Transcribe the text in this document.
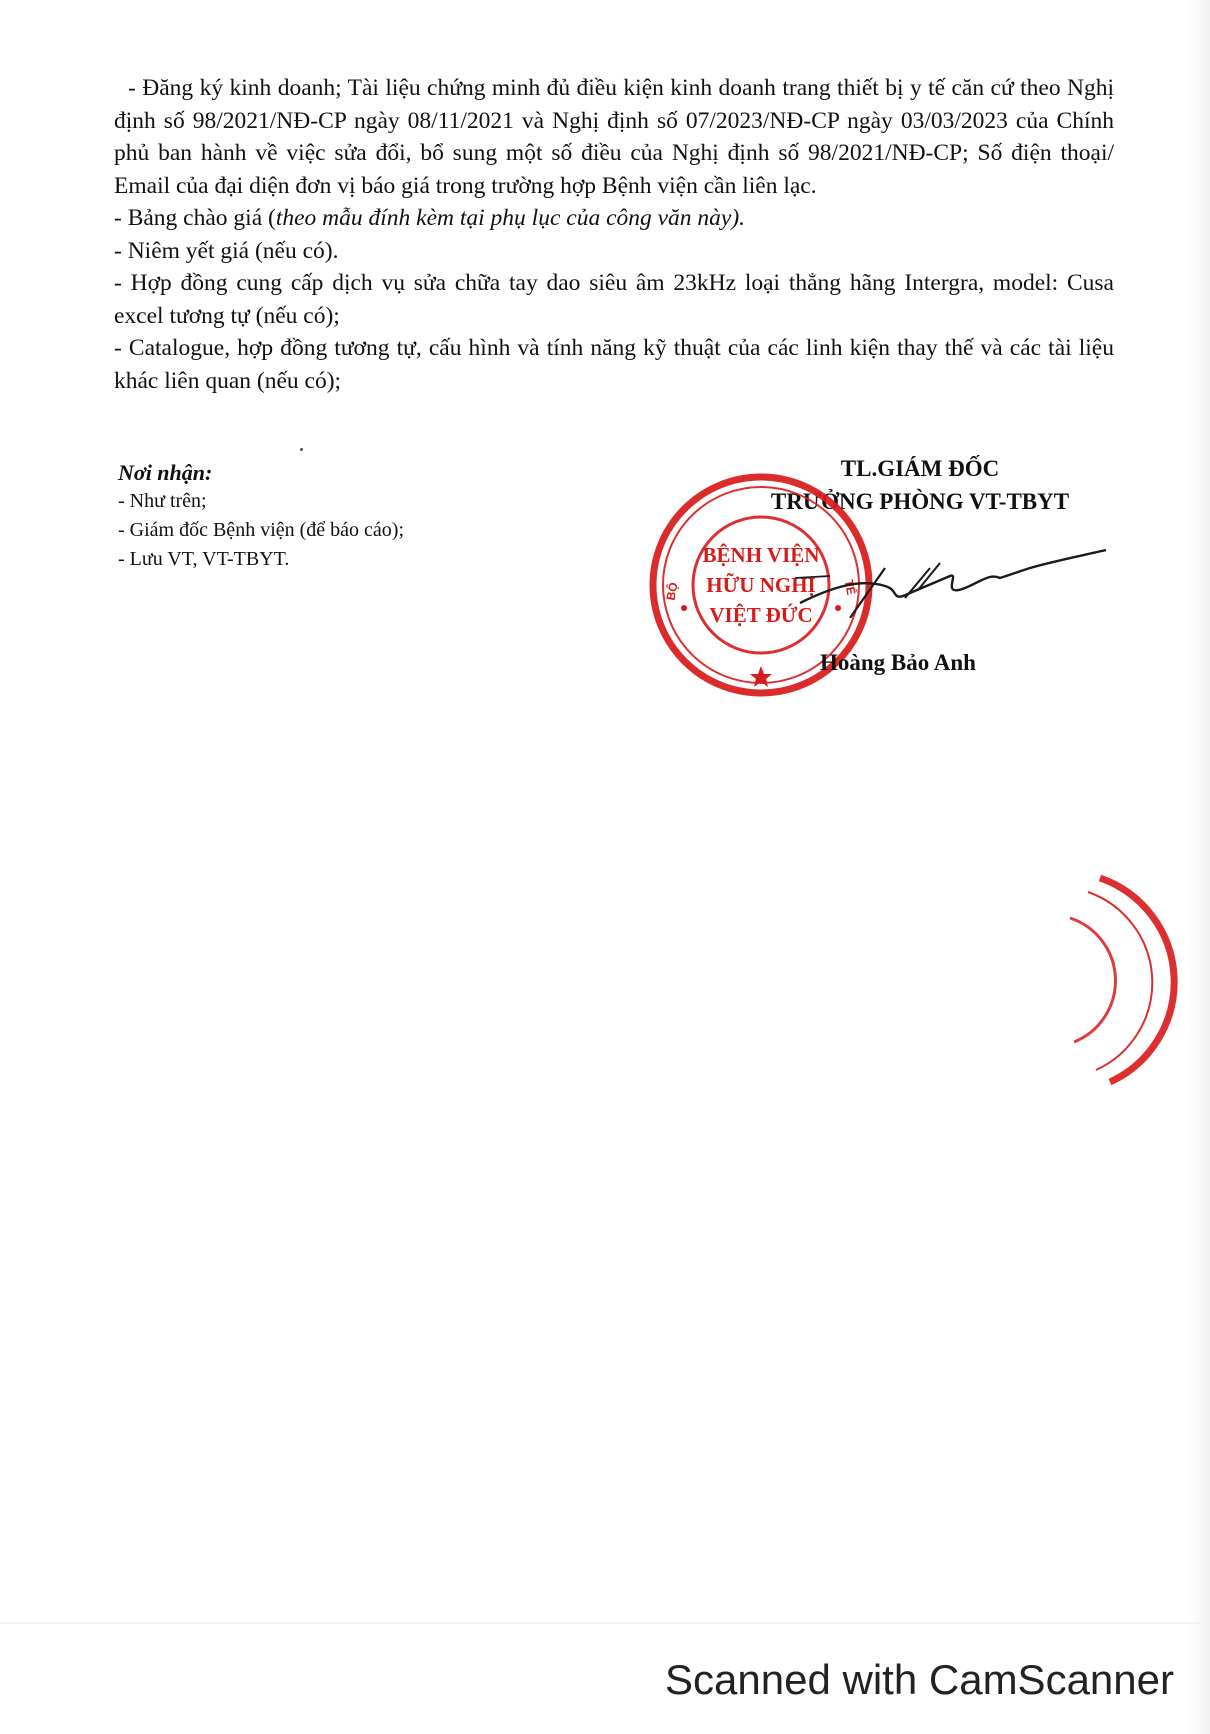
- Đăng ký kinh doanh; Tài liệu chứng minh đủ điều kiện kinh doanh trang thiết bị y tế căn cứ theo Nghị định số 98/2021/NĐ-CP ngày 08/11/2021 và Nghị định số 07/2023/NĐ-CP ngày 03/03/2023 của Chính phủ ban hành về việc sửa đổi, bổ sung một số điều của Nghị định số 98/2021/NĐ-CP; Số điện thoại/ Email của đại diện đơn vị báo giá trong trường hợp Bệnh viện cần liên lạc.

- Bảng chào giá (theo mẫu đính kèm tại phụ lục của công văn này).

- Niêm yết giá (nếu có).

- Hợp đồng cung cấp dịch vụ sửa chữa tay dao siêu âm 23kHz loại thẳng hãng Intergra, model: Cusa excel tương tự (nếu có);

- Catalogue, hợp đồng tương tự, cấu hình và tính năng kỹ thuật của các linh kiện thay thế và các tài liệu khác liên quan (nếu có);

Nơi nhận:
- Như trên;
- Giám đốc Bệnh viện (để báo cáo);
- Lưu VT, VT-TBYT.
TL.GIÁM ĐỐC
TRƯỞNG PHÒNG VT-TBYT
BỆNH VIỆN
HỮU NGHỊ
VIỆT ĐỨC
BỘ	TẾ
Hoàng Bảo Anh
Scanned with CamScanner
